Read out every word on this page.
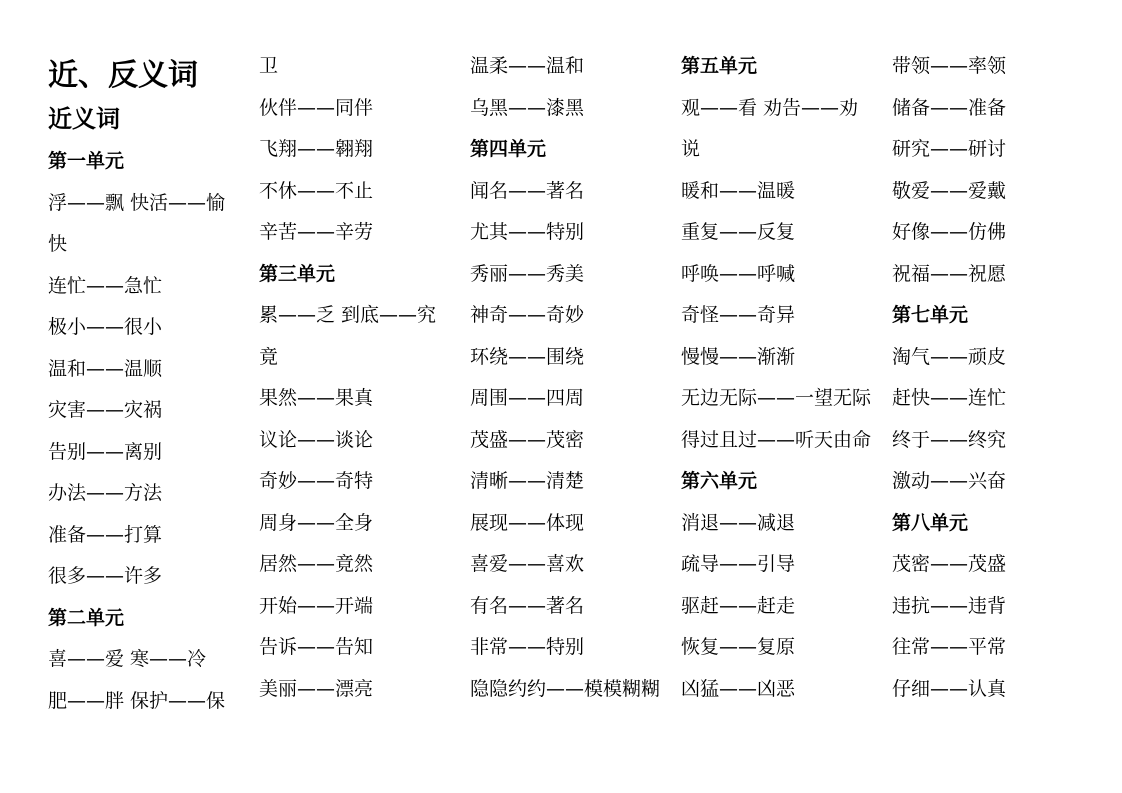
近、反义词
近义词
第一单元
浮——飘 快活——愉
快
连忙——急忙
极小——很小
温和——温顺
灾害——灾祸
告别——离别
办法——方法
准备——打算
很多——许多
第二单元
喜——爱 寒——冷
肥——胖 保护——保
卫
伙伴——同伴
飞翔——翱翔
不休——不止
辛苦——辛劳
第三单元
累——乏 到底——究
竟
果然——果真
议论——谈论
奇妙——奇特
周身——全身
居然——竟然
开始——开端
告诉——告知
美丽——漂亮
温柔——温和
乌黑——漆黑
第四单元
闻名——著名
尤其——特别
秀丽——秀美
神奇——奇妙
环绕——围绕
周围——四周
茂盛——茂密
清晰——清楚
展现——体现
喜爱——喜欢
有名——著名
非常——特别
隐隐约约——模模糊糊
第五单元
观——看 劝告——劝
说
暖和——温暖
重复——反复
呼唤——呼喊
奇怪——奇异
慢慢——渐渐
无边无际——一望无际
得过且过——听天由命
第六单元
消退——减退
疏导——引导
驱赶——赶走
恢复——复原
凶猛——凶恶
带领——率领
储备——准备
研究——研讨
敬爱——爱戴
好像——仿佛
祝福——祝愿
第七单元
淘气——顽皮
赶快——连忙
终于——终究
激动——兴奋
第八单元
茂密——茂盛
违抗——违背
往常——平常
仔细——认真
